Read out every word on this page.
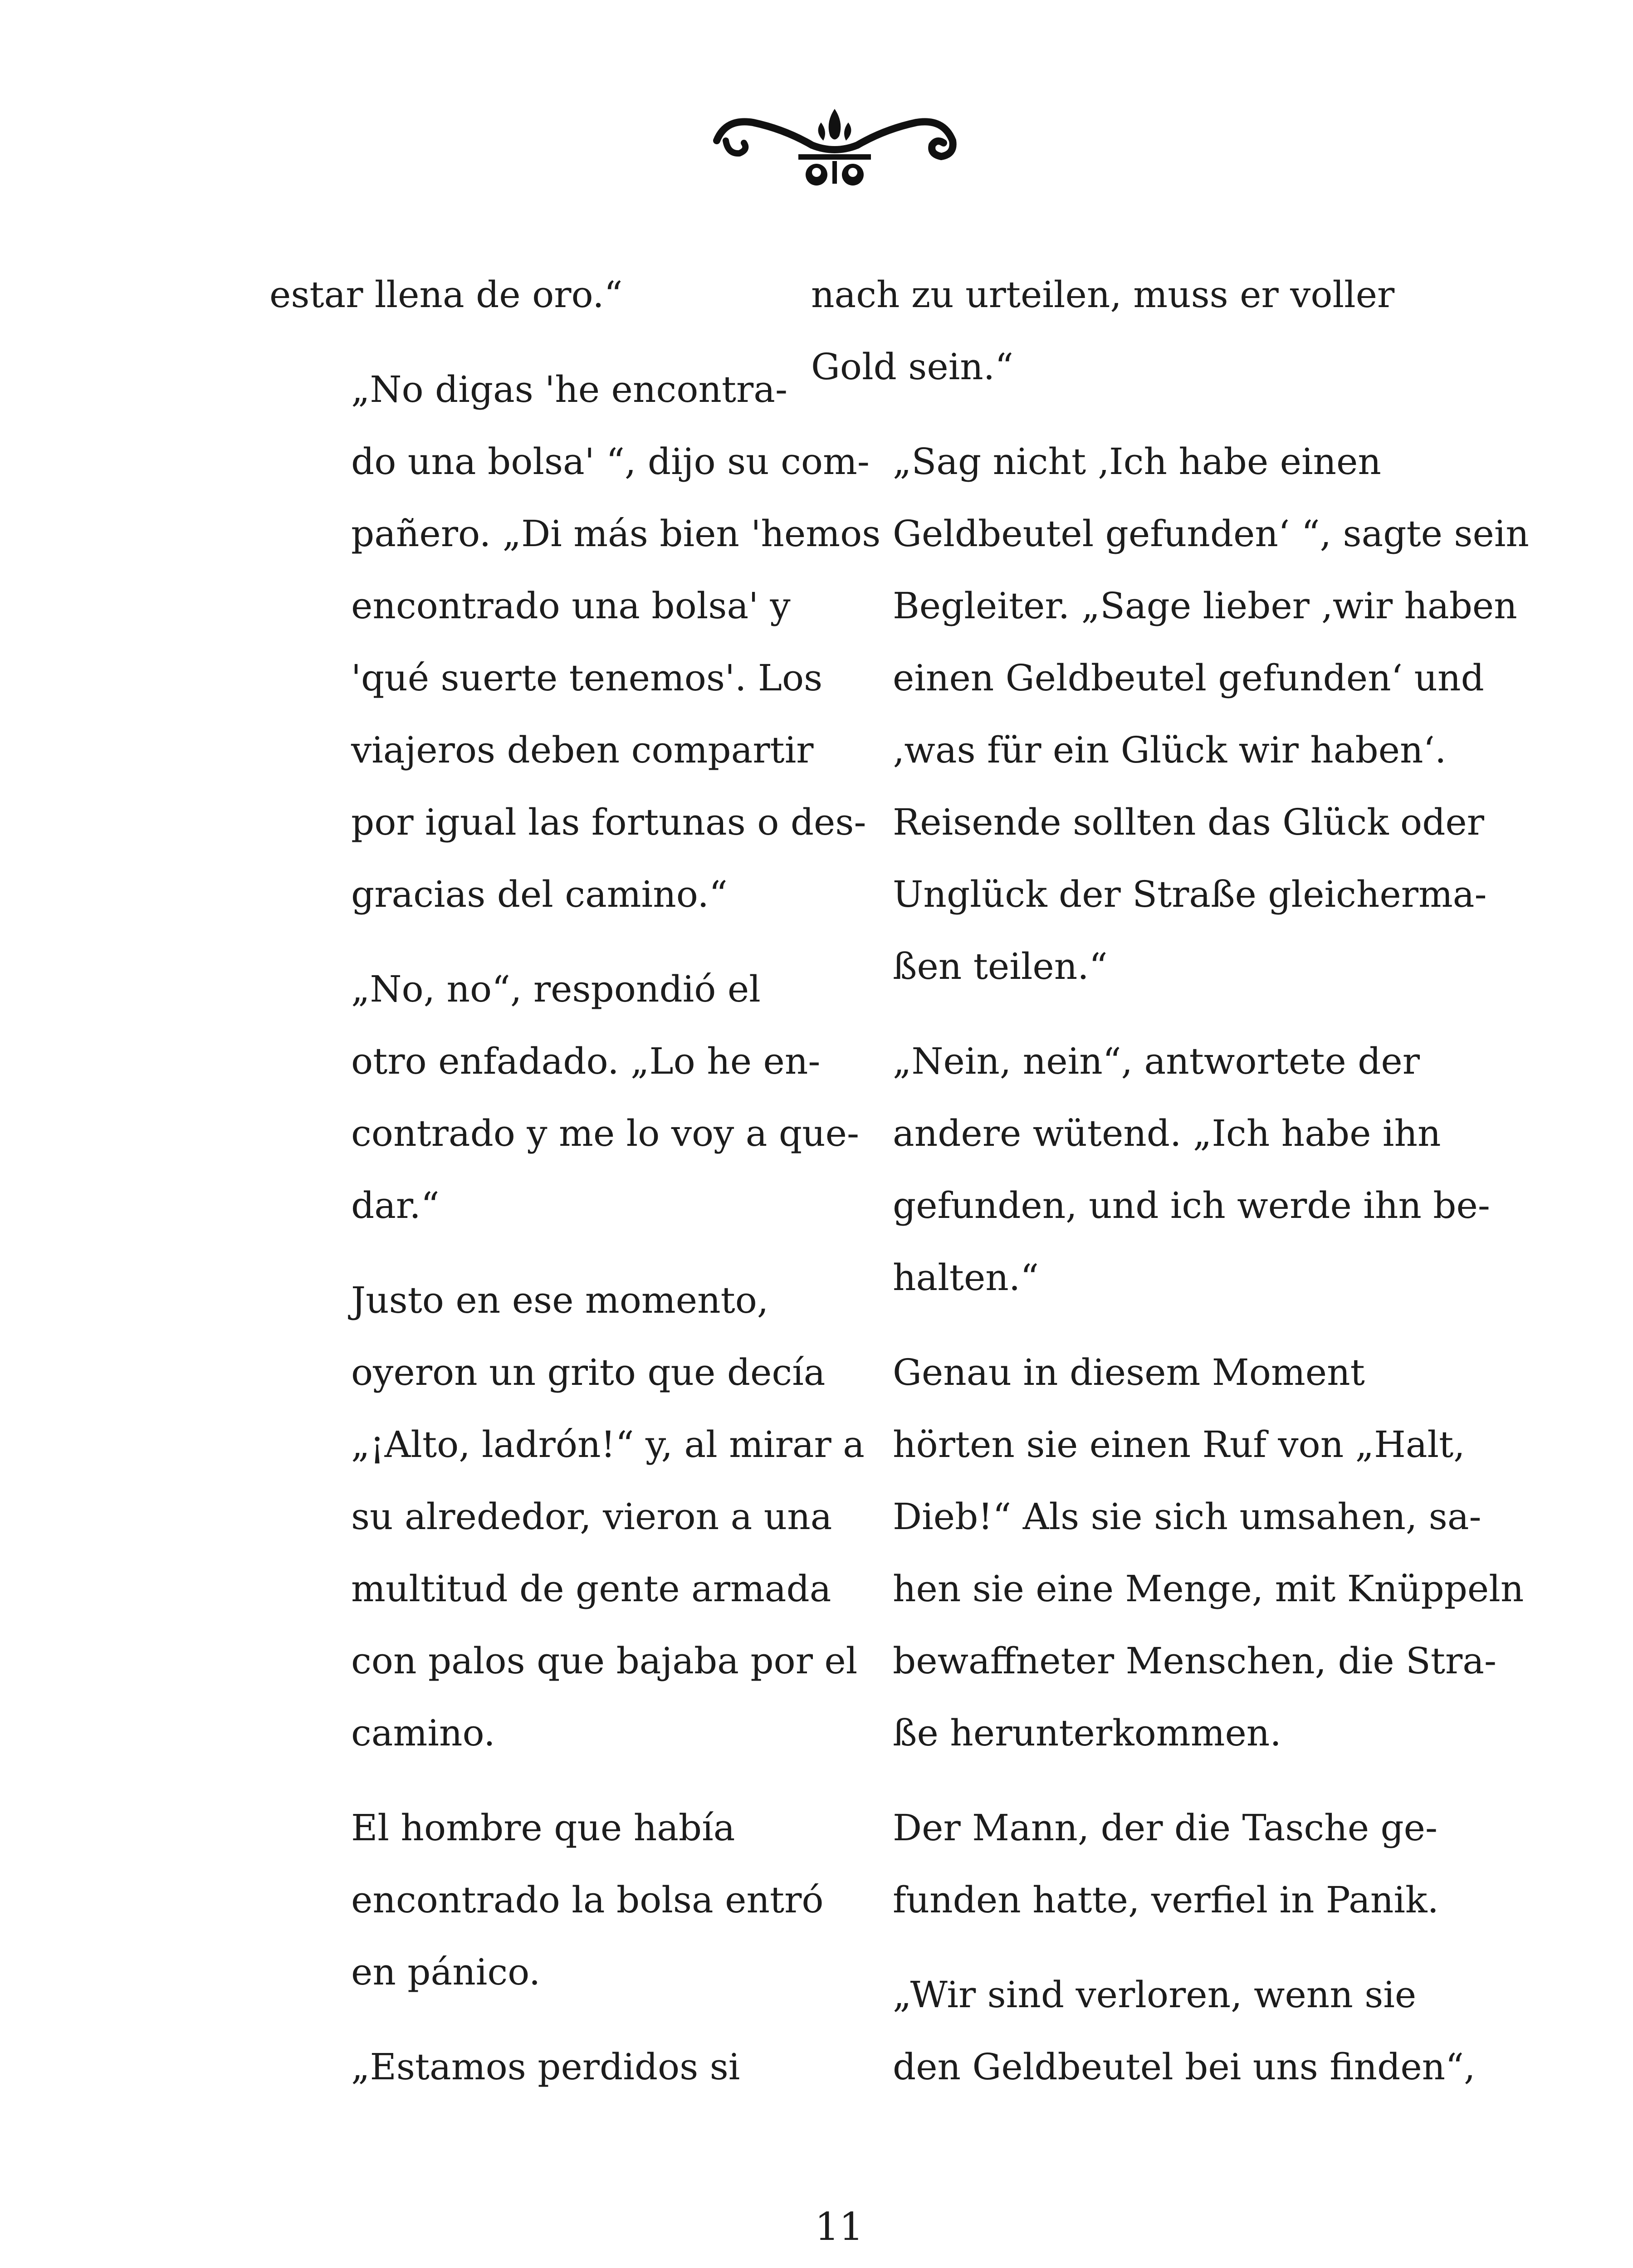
estar llena de oro.“

„No digas 'he encontra-
do una bolsa' “, dijo su com-
pañero. „Di más bien 'hemos
encontrado una bolsa' y
'qué suerte tenemos'. Los
viajeros deben compartir
por igual las fortunas o des-
gracias del camino.“

„No, no“, respondió el
otro enfadado. „Lo he en-
contrado y me lo voy a que-
dar.“

Justo en ese momento,
oyeron un grito que decía
„¡Alto, ladrón!“ y, al mirar a
su alrededor, vieron a una
multitud de gente armada
con palos que bajaba por el
camino.

El hombre que había
encontrado la bolsa entró
en pánico.

„Estamos perdidos si

nach zu urteilen, muss er voller
Gold sein.“

„Sag nicht ‚Ich habe einen
Geldbeutel gefunden‘ “, sagte sein
Begleiter. „Sage lieber ‚wir haben
einen Geldbeutel gefunden‘ und
‚was für ein Glück wir haben‘.
Reisende sollten das Glück oder
Unglück der Straße gleicherma-
ßen teilen.“

„Nein, nein“, antwortete der
andere wütend. „Ich habe ihn
gefunden, und ich werde ihn be-
halten.“

Genau in diesem Moment
hörten sie einen Ruf von „Halt,
Dieb!“ Als sie sich umsahen, sa-
hen sie eine Menge, mit Knüppeln
bewaffneter Menschen, die Stra-
ße herunterkommen.

Der Mann, der die Tasche ge-
funden hatte, verfiel in Panik.

„Wir sind verloren, wenn sie
den Geldbeutel bei uns finden“,

11
